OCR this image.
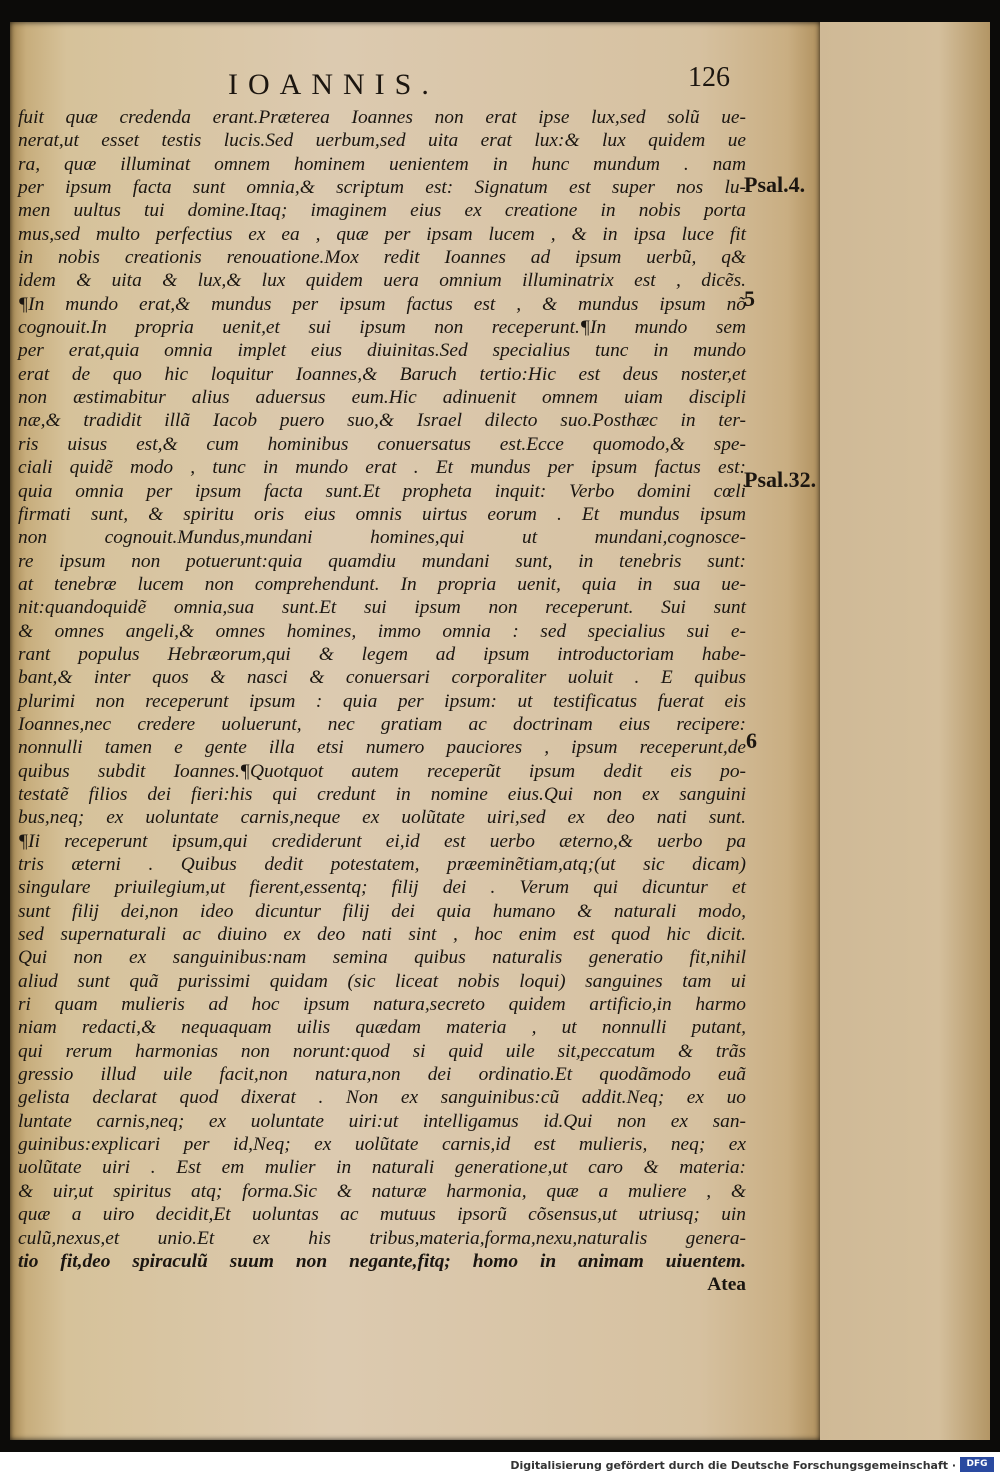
IOANNIS.	126
fuit quæ credenda erant.Præterea Ioannes non erat ipse lux,sed solũ ue-
nerat,ut esset testis lucis.Sed uerbum,sed uita erat lux:& lux quidem ue
ra, quæ illuminat omnem hominem uenientem in hunc mundum . nam
per ipsum facta sunt omnia,& scriptum est: Signatum est super nos lu-
men uultus tui domine.Itaq; imaginem eius ex creatione in nobis porta
mus,sed multo perfectius ex ea , quæ per ipsam lucem , & in ipsa luce fit
in nobis creationis renouatione.Mox redit Ioannes ad ipsum uerbũ, q&
idem & uita & lux,& lux quidem uera omnium illuminatrix est , dicẽs.
¶In mundo erat,& mundus per ipsum factus est , & mundus ipsum nõ
cognouit.In propria uenit,et sui ipsum non receperunt.¶In mundo sem
per erat,quia omnia implet eius diuinitas.Sed specialius tunc in mundo
erat de quo hic loquitur Ioannes,& Baruch tertio:Hic est deus noster,et
non æstimabitur alius aduersus eum.Hic adinuenit omnem uiam discipli
næ,& tradidit illã Iacob puero suo,& Israel dilecto suo.Posthæc in ter-
ris uisus est,& cum hominibus conuersatus est.Ecce quomodo,& spe-
ciali quidẽ modo , tunc in mundo erat . Et mundus per ipsum factus est:
quia omnia per ipsum facta sunt.Et propheta inquit: Verbo domini cœli
firmati sunt, & spiritu oris eius omnis uirtus eorum . Et mundus ipsum
non cognouit.Mundus,mundani homines,qui ut mundani,cognosce-
re ipsum non potuerunt:quia quamdiu mundani sunt, in tenebris sunt:
at tenebræ lucem non comprehendunt. In propria uenit, quia in sua ue-
nit:quandoquidẽ omnia,sua sunt.Et sui ipsum non receperunt. Sui sunt
& omnes angeli,& omnes homines, immo omnia : sed specialius sui e-
rant populus Hebræorum,qui & legem ad ipsum introductoriam habe-
bant,& inter quos & nasci & conuersari corporaliter uoluit . E quibus
plurimi non receperunt ipsum : quia per ipsum: ut testificatus fuerat eis
Ioannes,nec credere uoluerunt, nec gratiam ac doctrinam eius recipere:
nonnulli tamen e gente illa etsi numero pauciores , ipsum receperunt,de
quibus subdit Ioannes.¶Quotquot autem receperũt ipsum dedit eis po-
testatẽ filios dei fieri:his qui credunt in nomine eius.Qui non ex sanguini
bus,neq; ex uoluntate carnis,neque ex uolũtate uiri,sed ex deo nati sunt.
¶Ii receperunt ipsum,qui crediderunt ei,id est uerbo æterno,& uerbo pa
tris æterni . Quibus dedit potestatem, præeminẽtiam,atq;(ut sic dicam)
singulare priuilegium,ut fierent,essentq; filij dei . Verum qui dicuntur et
sunt filij dei,non ideo dicuntur filij dei quia humano & naturali modo,
sed supernaturali ac diuino ex deo nati sint , hoc enim est quod hic dicit.
Qui non ex sanguinibus:nam semina quibus naturalis generatio fit,nihil
aliud sunt quã purissimi quidam (sic liceat nobis loqui) sanguines tam ui
ri quam mulieris ad hoc ipsum natura,secreto quidem artificio,in harmo
niam redacti,& nequaquam uilis quædam materia , ut nonnulli putant,
qui rerum harmonias non norunt:quod si quid uile sit,peccatum & trãs
gressio illud uile facit,non natura,non dei ordinatio.Et quodãmodo euã
gelista declarat quod dixerat . Non ex sanguinibus:cũ addit.Neq; ex uo
luntate carnis,neq; ex uoluntate uiri:ut intelligamus id.Qui non ex san-
guinibus:explicari per id,Neq; ex uolũtate carnis,id est mulieris, neq; ex
uolũtate uiri . Est em mulier in naturali generatione,ut caro & materia:
& uir,ut spiritus atq; forma.Sic & naturæ harmonia, quæ a muliere , &
quæ a uiro decidit,Et uoluntas ac mutuus ipsorũ cõsensus,ut utriusq; uin
culũ,nexus,et unio.Et ex his tribus,materia,forma,nexu,naturalis genera-
tio fit,deo spiraculũ suum non negante,fitq; homo in animam uiuentem.
Atea
Psal.4.
5
Psal.32.
6
Digitalisierung gefördert durch die Deutsche Forschungsgemeinschaft ·	DFG
